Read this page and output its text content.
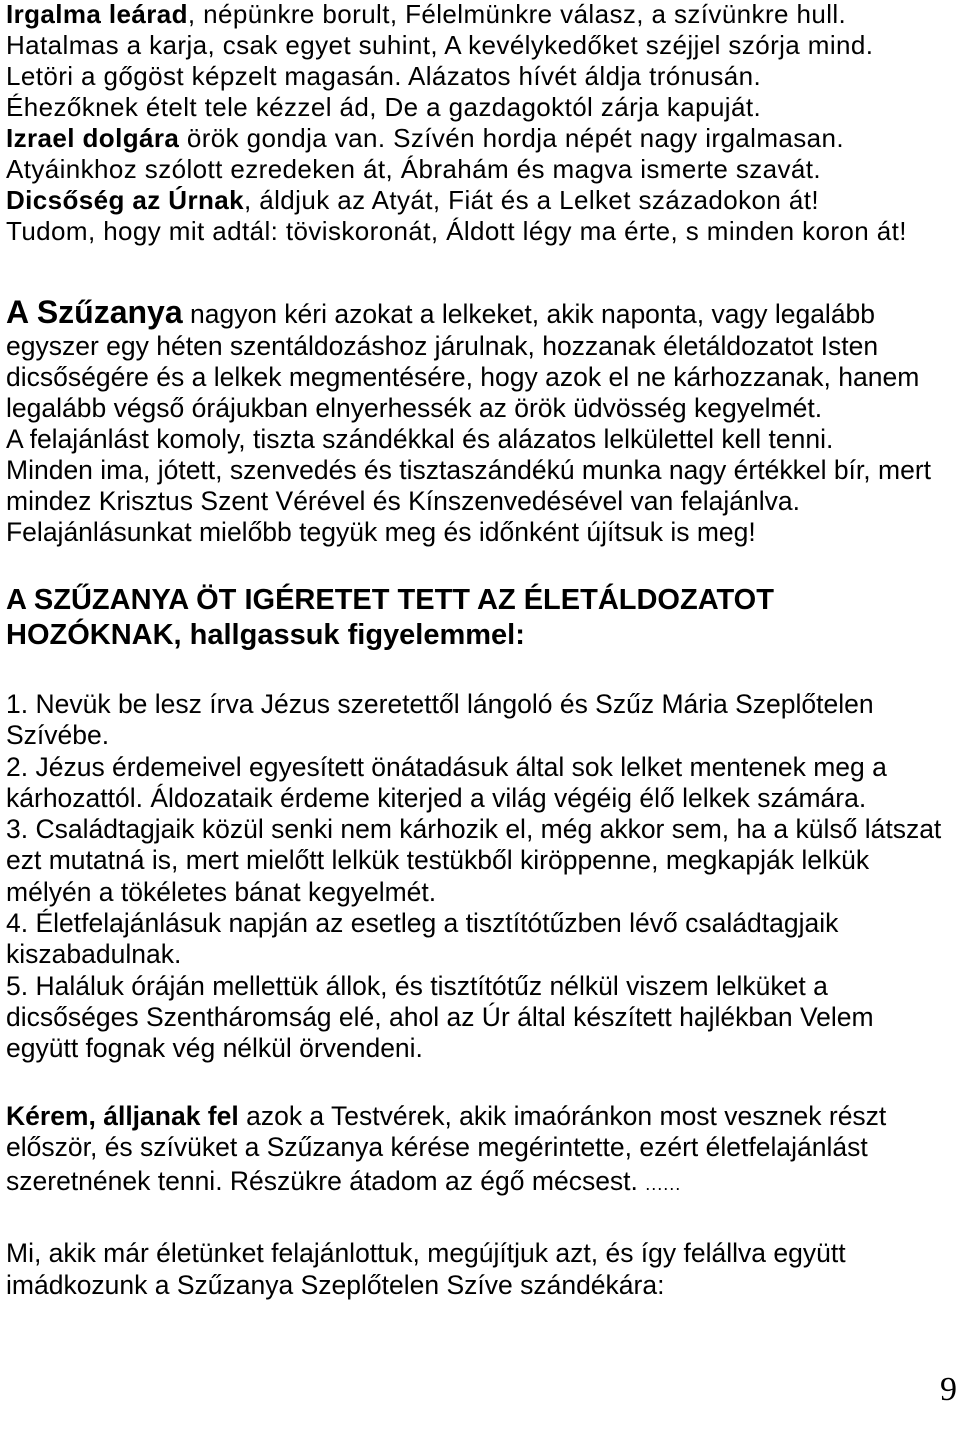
Irgalma leárad, népünkre borult, Félelmünkre válasz, a szívünkre hull.
Hatalmas a karja, csak egyet suhint, A kevélykedőket széjjel szórja mind.
Letöri a gőgöst képzelt magasán. Alázatos hívét áldja trónusán.
Éhezőknek ételt tele kézzel ád, De a gazdagoktól zárja kapuját.
Izrael dolgára örök gondja van. Szívén hordja népét nagy irgalmasan.
Atyáinkhoz szólott ezredeken át, Ábrahám és magva ismerte szavát.
Dicsőség az Úrnak, áldjuk az Atyát, Fiát és a Lelket századokon át!
Tudom, hogy mit adtál: töviskoronát, Áldott légy ma érte, s minden koron át!
A Szűzanya nagyon kéri azokat a lelkeket, akik naponta, vagy legalább
egyszer egy héten szentáldozáshoz járulnak, hozzanak életáldozatot Isten
dicsőségére és a lelkek megmentésére, hogy azok el ne kárhozzanak, hanem
legalább végső órájukban elnyerhessék az örök üdvösség kegyelmét.
A felajánlást komoly, tiszta szándékkal és alázatos lelkülettel kell tenni.
Minden ima, jótett, szenvedés és tisztaszándékú munka nagy értékkel bír, mert
mindez Krisztus Szent Vérével és Kínszenvedésével van felajánlva.
Felajánlásunkat mielőbb tegyük meg és időnként újítsuk is meg!
A SZŰZANYA ÖT IGÉRETET TETT AZ ÉLETÁLDOZATOT
HOZÓKNAK, hallgassuk figyelemmel:
1. Nevük be lesz írva Jézus szeretettől lángoló és Szűz Mária Szeplőtelen
Szívébe.
2. Jézus érdemeivel egyesített önátadásuk által sok lelket mentenek meg a
kárhozattól. Áldozataik érdeme kiterjed a világ végéig élő lelkek számára.
3. Családtagjaik közül senki nem kárhozik el, még akkor sem, ha a külső látszat
ezt mutatná is, mert mielőtt lelkük testükből kiröppenne, megkapják lelkük
mélyén a tökéletes bánat kegyelmét.
4. Életfelajánlásuk napján az esetleg a tisztítótűzben lévő családtagjaik
kiszabadulnak.
5. Haláluk óráján mellettük állok, és tisztítótűz nélkül viszem lelküket a
dicsőséges Szentháromság elé, ahol az Úr által készített hajlékban Velem
együtt fognak vég nélkül örvendeni.
Kérem, álljanak fel azok a Testvérek, akik imaóránkon most vesznek részt
először, és szívüket a Szűzanya kérése megérintette, ezért életfelajánlást
szeretnének tenni. Részükre átadom az égő mécsest. ......
Mi, akik már életünket felajánlottuk, megújítjuk azt, és így felállva együtt
imádkozunk a Szűzanya Szeplőtelen Szíve szándékára:
9
